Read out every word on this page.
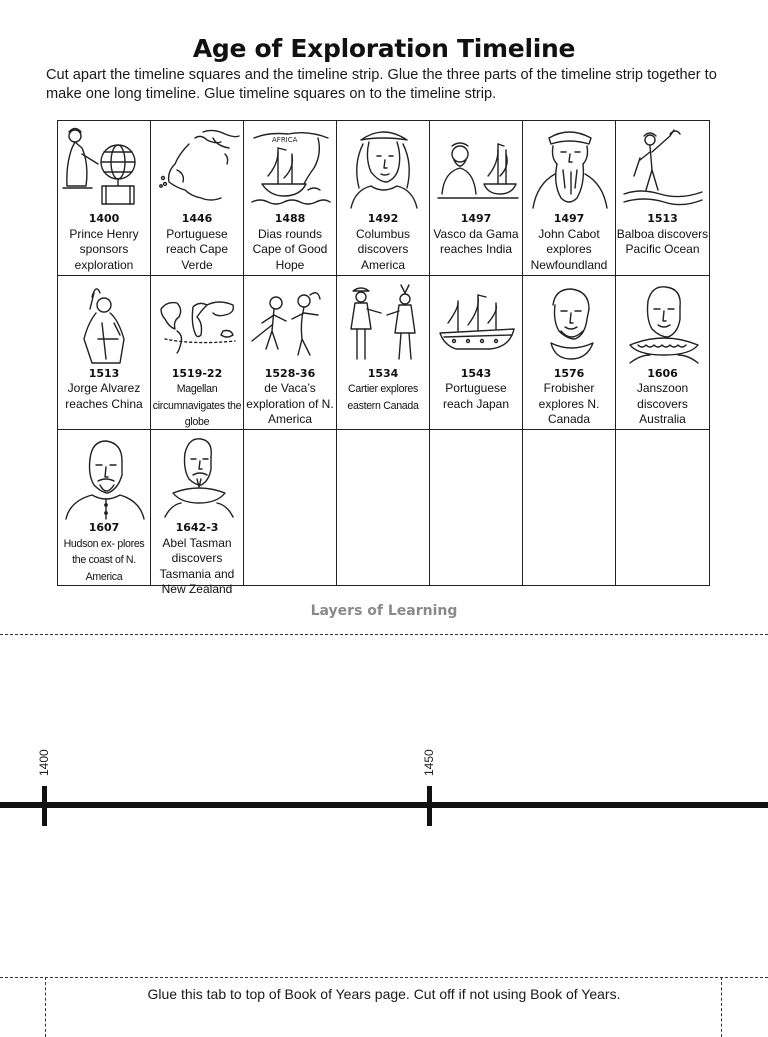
Age of Exploration Timeline
Cut apart the timeline squares and the timeline strip. Glue the three parts of the timeline strip together to make one long timeline. Glue timeline squares on to the timeline strip.
1400
Prince Henry sponsors exploration
1446
Portuguese reach Cape Verde
AFRICA
1488
Dias rounds Cape of Good Hope
1492
Columbus discovers America
1497
Vasco da Gama reaches India
1497
John Cabot explores Newfoundland
1513
Balboa discovers Pacific Ocean
1513
Jorge Alvarez reaches China
1519-22
Magellan circumnavigates the globe
1528-36
de Vaca’s exploration of N. America
1534
Cartier explores eastern Canada
1543
Portuguese reach Japan
1576
Frobisher explores N. Canada
1606
Janszoon discovers Australia
1607
Hudson ex- plores the coast of N. America
1642-3
Abel Tasman discovers Tasmania and New Zealand
Layers of Learning
1400	1450
Glue this tab to top of Book of Years page. Cut off if not using Book of Years.
